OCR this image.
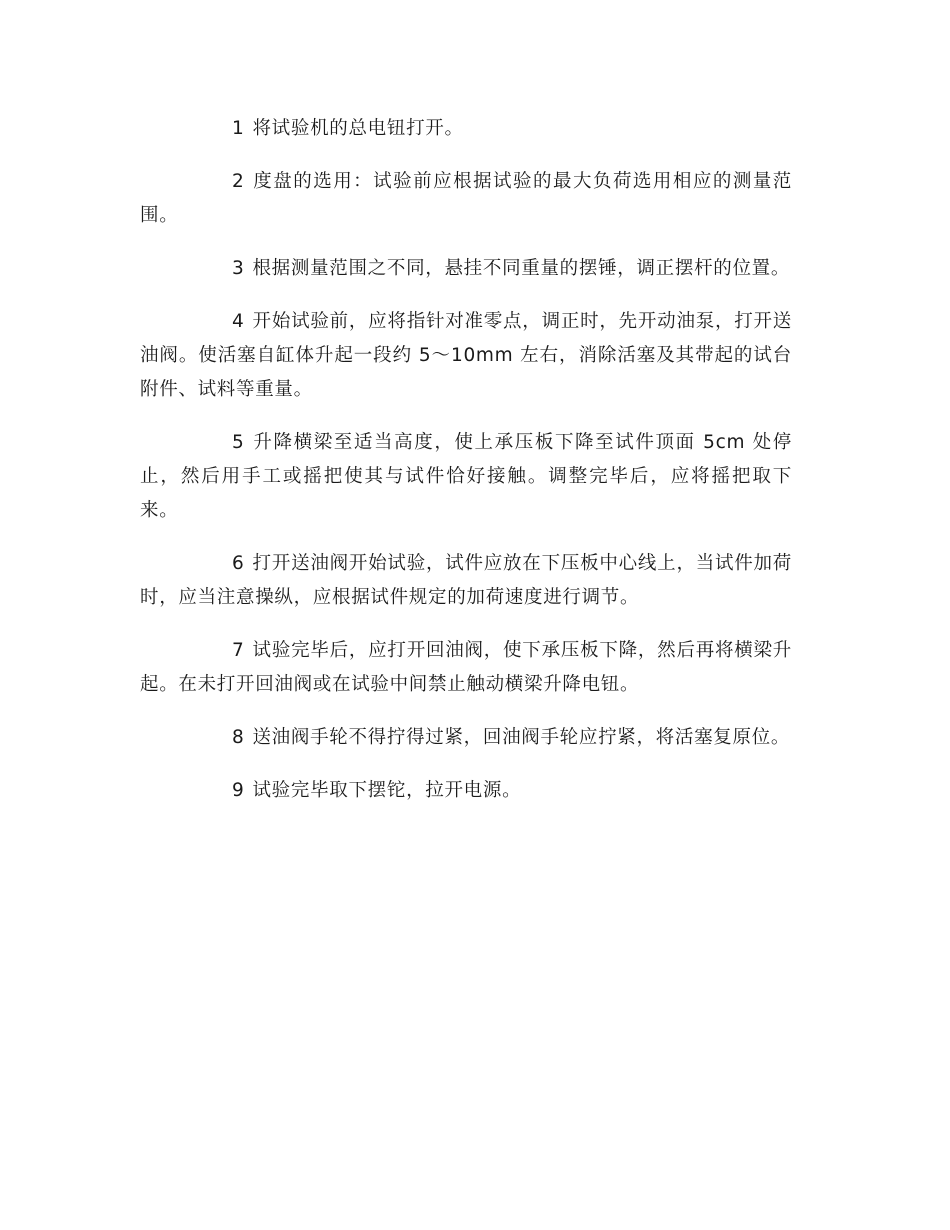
1 将试验机的总电钮打开。

2 度盘的选用：试验前应根据试验的最大负荷选用相应的测量范围。

3 根据测量范围之不同，悬挂不同重量的摆锤，调正摆杆的位置。

4 开始试验前，应将指针对准零点，调正时，先开动油泵，打开送油阀。使活塞自缸体升起一段约 5～10mm 左右，消除活塞及其带起的试台附件、试料等重量。

5 升降横梁至适当高度，使上承压板下降至试件顶面 5cm 处停止，然后用手工或摇把使其与试件恰好接触。调整完毕后，应将摇把取下来。

6 打开送油阀开始试验，试件应放在下压板中心线上，当试件加荷时，应当注意操纵，应根据试件规定的加荷速度进行调节。

7 试验完毕后，应打开回油阀，使下承压板下降，然后再将横梁升起。在未打开回油阀或在试验中间禁止触动横梁升降电钮。

8 送油阀手轮不得拧得过紧，回油阀手轮应拧紧，将活塞复原位。

9 试验完毕取下摆铊，拉开电源。
